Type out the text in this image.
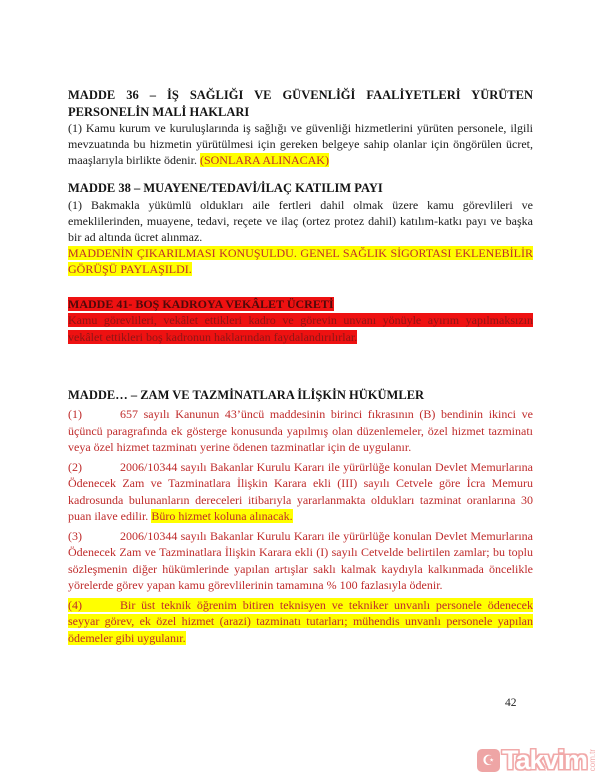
MADDE 36 – İŞ SAĞLIĞI VE GÜVENLİĞİ FAALİYETLERİ YÜRÜTEN PERSONELİN MALİ HAKLARI

(1) Kamu kurum ve kuruluşlarında iş sağlığı ve güvenliği hizmetlerini yürüten personele, ilgili mevzuatında bu hizmetin yürütülmesi için gereken belgeye sahip olanlar için öngörülen ücret, maaşlarıyla birlikte ödenir. (SONLARA ALINACAK)

MADDE 38 – MUAYENE/TEDAVİ/İLAÇ KATILIM PAYI

(1) Bakmakla yükümlü oldukları aile fertleri dahil olmak üzere kamu görevlileri ve emeklilerinden, muayene, tedavi, reçete ve ilaç (ortez protez dahil) katılım-katkı payı ve başka bir ad altında ücret alınmaz.

MADDENİN ÇIKARILMASI KONUŞULDU. GENEL SAĞLIK SİGORTASI EKLENEBİLİR GÖRÜŞÜ PAYLAŞILDI.

MADDE 41- BOŞ KADROYA VEKÂLET ÜCRETİ

Kamu görevlileri, vekâlet ettikleri kadro ve görevin unvanı yönüyle ayırım yapılmaksızın vekâlet ettikleri boş kadronun haklarından faydalandırılırlar.

MADDE… – ZAM VE TAZMİNATLARA İLİŞKİN HÜKÜMLER

(1)	657 sayılı Kanunun 43’üncü maddesinin birinci fıkrasının (B) bendinin ikinci ve üçüncü paragrafında ek gösterge konusunda yapılmış olan düzenlemeler, özel hizmet tazminatı veya özel hizmet tazminatı yerine ödenen tazminatlar için de uygulanır.

(2)	2006/10344 sayılı Bakanlar Kurulu Kararı ile yürürlüğe konulan Devlet Memurlarına Ödenecek Zam ve Tazminatlara İlişkin Karara ekli (III) sayılı Cetvele göre İcra Memuru kadrosunda bulunanların dereceleri itibarıyla yararlanmakta oldukları tazminat oranlarına 30 puan ilave edilir. Büro hizmet koluna alınacak.

(3)	2006/10344 sayılı Bakanlar Kurulu Kararı ile yürürlüğe konulan Devlet Memurlarına Ödenecek Zam ve Tazminatlara İlişkin Karara ekli (I) sayılı Cetvelde belirtilen zamlar; bu toplu sözleşmenin diğer hükümlerinde yapılan artışlar saklı kalmak kaydıyla kalkınmada öncelikle yörelerde görev yapan kamu görevlilerinin tamamına % 100 fazlasıyla ödenir.

(4)	Bir üst teknik öğrenim bitiren teknisyen ve tekniker unvanlı personele ödenecek seyyar görev, ek özel hizmet (arazi) tazminatı tutarları; mühendis unvanlı personele yapılan ödemeler gibi uygulanır.

42
☪ Takvim com.tr
